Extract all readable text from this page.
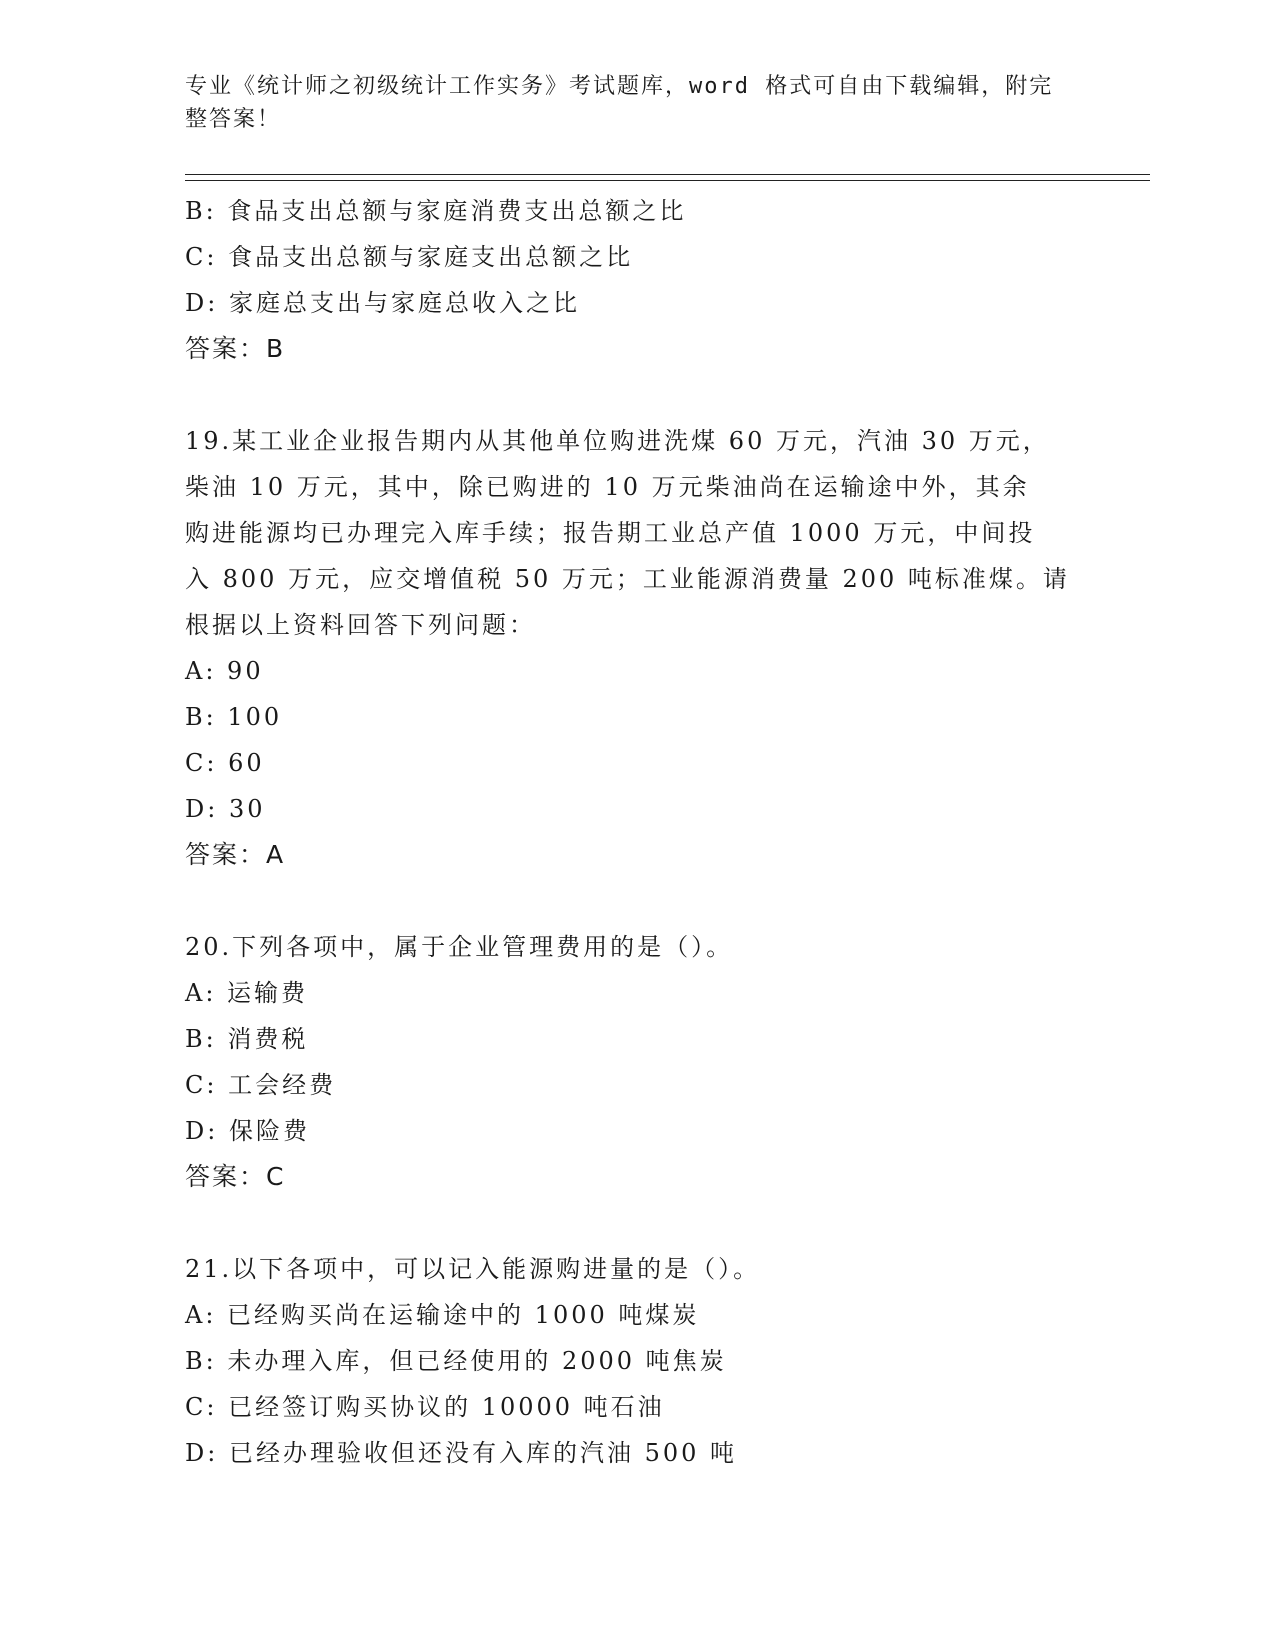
专业《统计师之初级统计工作实务》考试题库，word 格式可自由下载编辑，附完
整答案！
B: 食品支出总额与家庭消费支出总额之比
C: 食品支出总额与家庭支出总额之比
D: 家庭总支出与家庭总收入之比
答案：B
19.某工业企业报告期内从其他单位购进洗煤 60 万元，汽油 30 万元，
柴油 10 万元，其中，除已购进的 10 万元柴油尚在运输途中外，其余
购进能源均已办理完入库手续；报告期工业总产值 1000 万元，中间投
入 800 万元，应交增值税 50 万元；工业能源消费量 200 吨标准煤。请
根据以上资料回答下列问题：
A: 90
B: 100
C: 60
D: 30
答案：A
20.下列各项中，属于企业管理费用的是（）。
A: 运输费
B: 消费税
C: 工会经费
D: 保险费
答案：C
21.以下各项中，可以记入能源购进量的是（）。
A: 已经购买尚在运输途中的 1000 吨煤炭
B: 未办理入库，但已经使用的 2000 吨焦炭
C: 已经签订购买协议的 10000 吨石油
D: 已经办理验收但还没有入库的汽油 500 吨
